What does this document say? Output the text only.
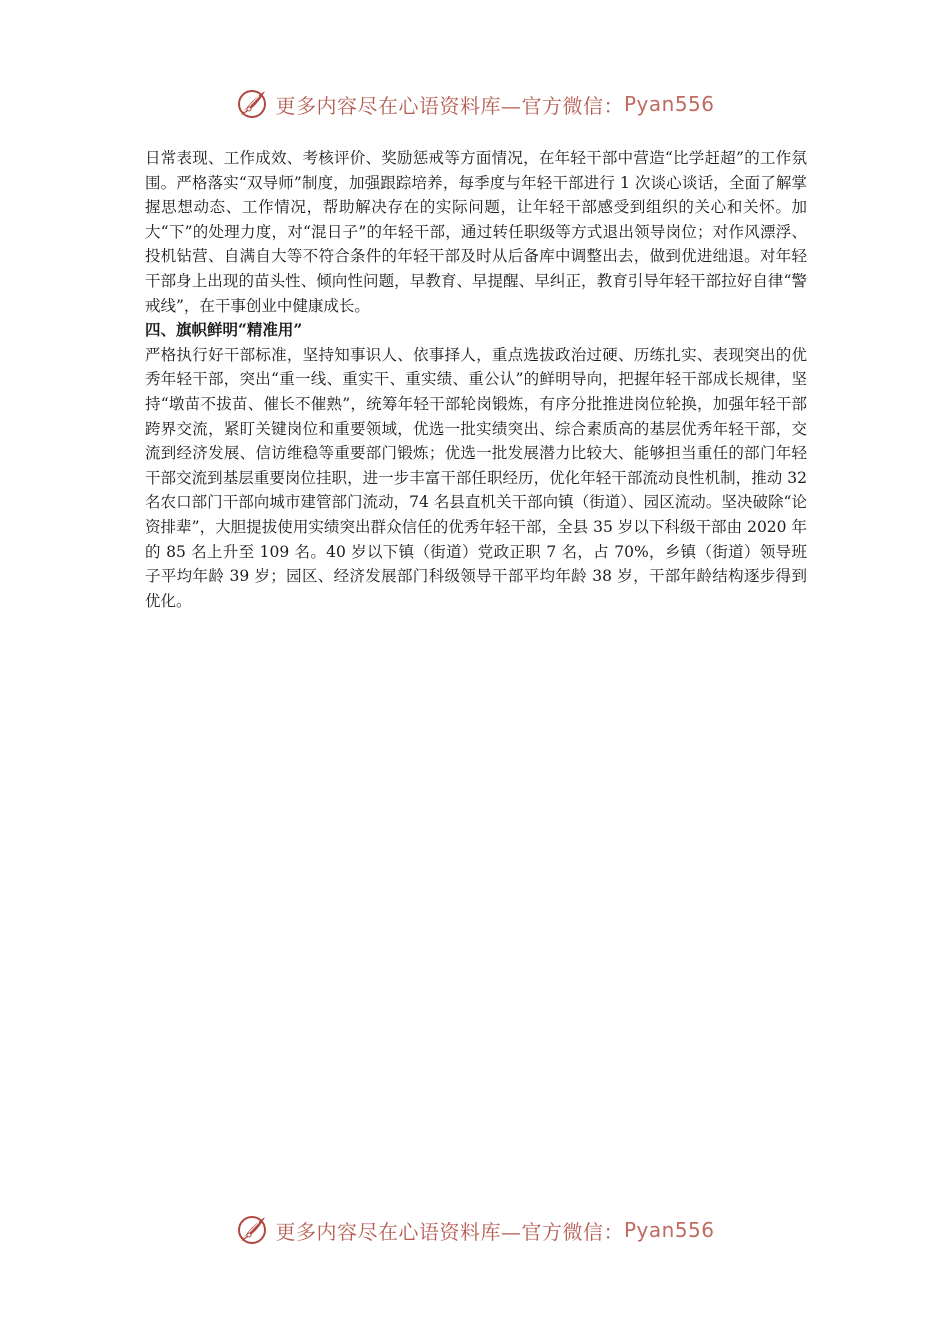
更多内容尽在心语资料库—官方微信： Pyan556

日常表现、工作成效、考核评价、奖励惩戒等方面情况，在年轻干部中营造“比学赶超”的工作氛围。严格落实“双导师”制度，加强跟踪培养，每季度与年轻干部进行 1 次谈心谈话，全面了解掌握思想动态、工作情况，帮助解决存在的实际问题，让年轻干部感受到组织的关心和关怀。加大“下”的处理力度，对“混日子”的年轻干部，通过转任职级等方式退出领导岗位；对作风漂浮、投机钻营、自满自大等不符合条件的年轻干部及时从后备库中调整出去，做到优进绌退。对年轻干部身上出现的苗头性、倾向性问题，早教育、早提醒、早纠正，教育引导年轻干部拉好自律“警戒线”，在干事创业中健康成长。

四、旗帜鲜明“精准用”

严格执行好干部标准，坚持知事识人、依事择人，重点选拔政治过硬、历练扎实、表现突出的优秀年轻干部，突出“重一线、重实干、重实绩、重公认”的鲜明导向，把握年轻干部成长规律，坚持“墩苗不拔苗、催长不催熟”，统筹年轻干部轮岗锻炼，有序分批推进岗位轮换，加强年轻干部跨界交流，紧盯关键岗位和重要领域，优选一批实绩突出、综合素质高的基层优秀年轻干部，交流到经济发展、信访维稳等重要部门锻炼；优选一批发展潜力比较大、能够担当重任的部门年轻干部交流到基层重要岗位挂职，进一步丰富干部任职经历，优化年轻干部流动良性机制，推动 32 名农口部门干部向城市建管部门流动，74 名县直机关干部向镇（街道）、园区流动。坚决破除“论资排辈”，大胆提拔使用实绩突出群众信任的优秀年轻干部，全县 35 岁以下科级干部由 2020 年的 85 名上升至 109 名。40 岁以下镇（街道）党政正职 7 名，占 70%，乡镇（街道）领导班子平均年龄 39 岁；园区、经济发展部门科级领导干部平均年龄 38 岁，干部年龄结构逐步得到优化。

更多内容尽在心语资料库—官方微信： Pyan556
